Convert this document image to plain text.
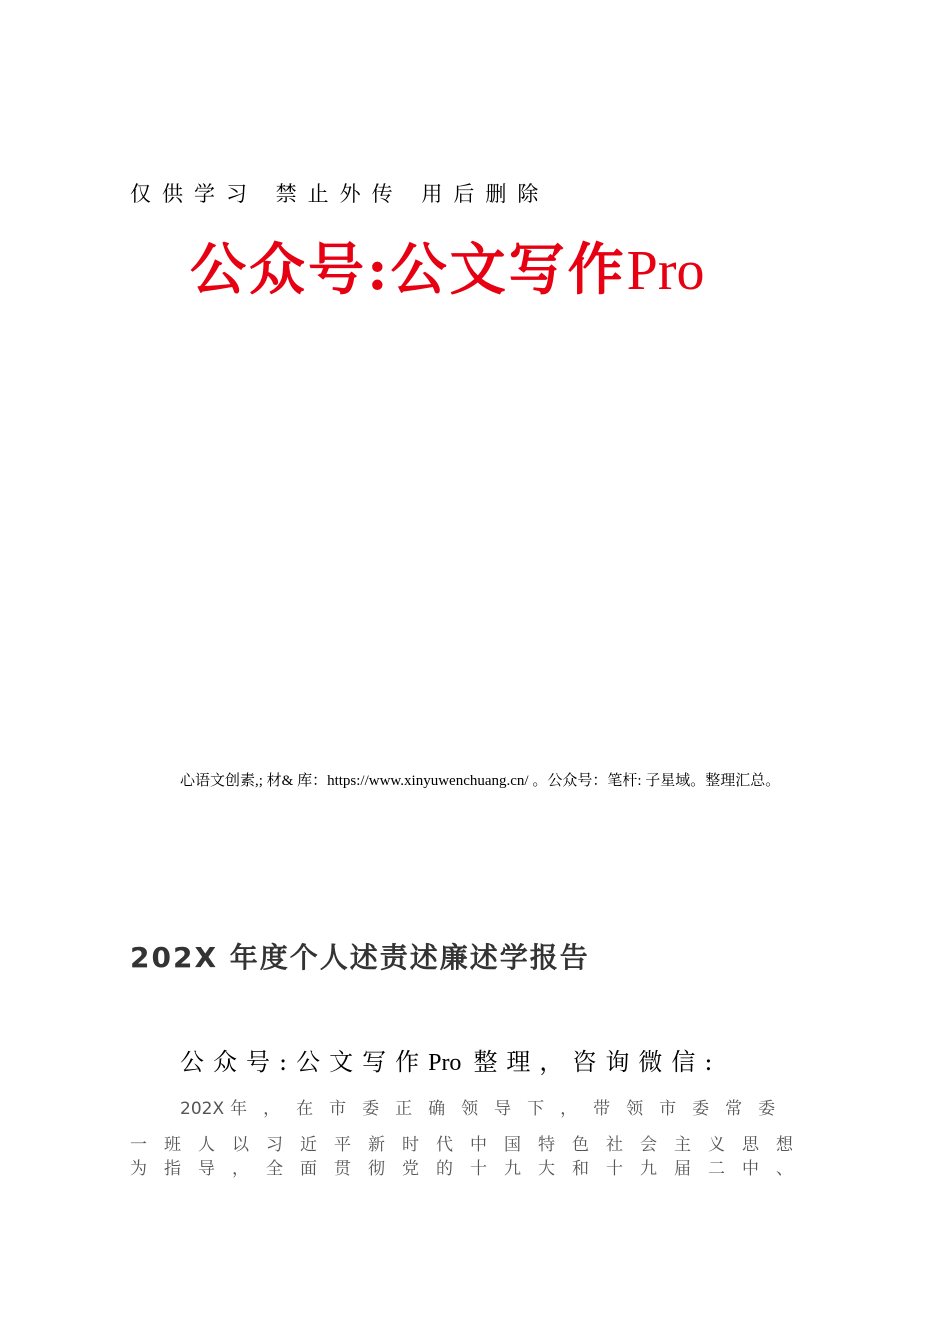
仅供学习 禁止外传 用后删除
公众号:公文写作Pro
心语文创素,; 材& 库：https://www.xinyuwenchuang.cn/ 。公众号：笔杆: 子星域。整理汇总。
202X 年度个人述责述廉述学报告
公众号:公文写作Pro 整理，咨询微信:
202X 年，在市委正确领导下，带领市委常委
一班人以习近平新时代中国特色社会主义思想
为指导，全面贯彻党的十九大和十九届二中、
